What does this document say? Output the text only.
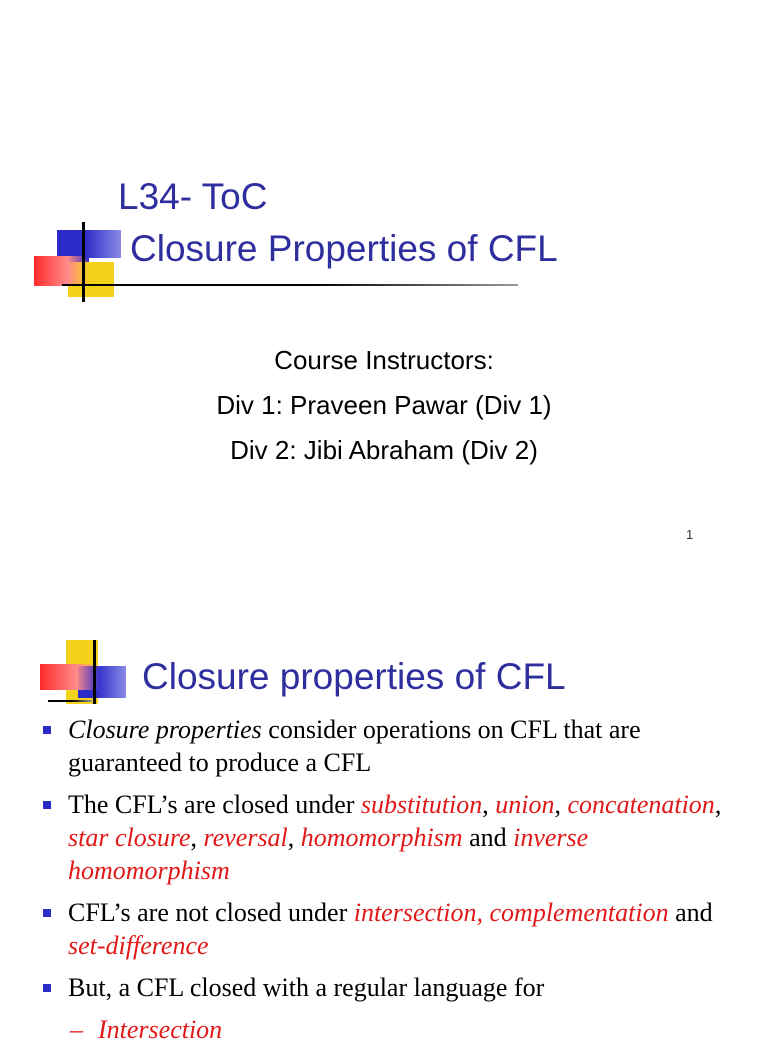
L34- ToC
Closure Properties of CFL
Course Instructors:
Div 1: Praveen Pawar (Div 1)
Div 2: Jibi Abraham (Div 2)
1
Closure properties of CFL
Closure properties consider operations on CFL that are guaranteed to produce a CFL
The CFL’s are closed under substitution, union, concatenation, star closure, reversal, homomorphism and inverse homomorphism
CFL’s are not closed under intersection, complementation and set-difference
But, a CFL closed with a regular language for
– Intersection
